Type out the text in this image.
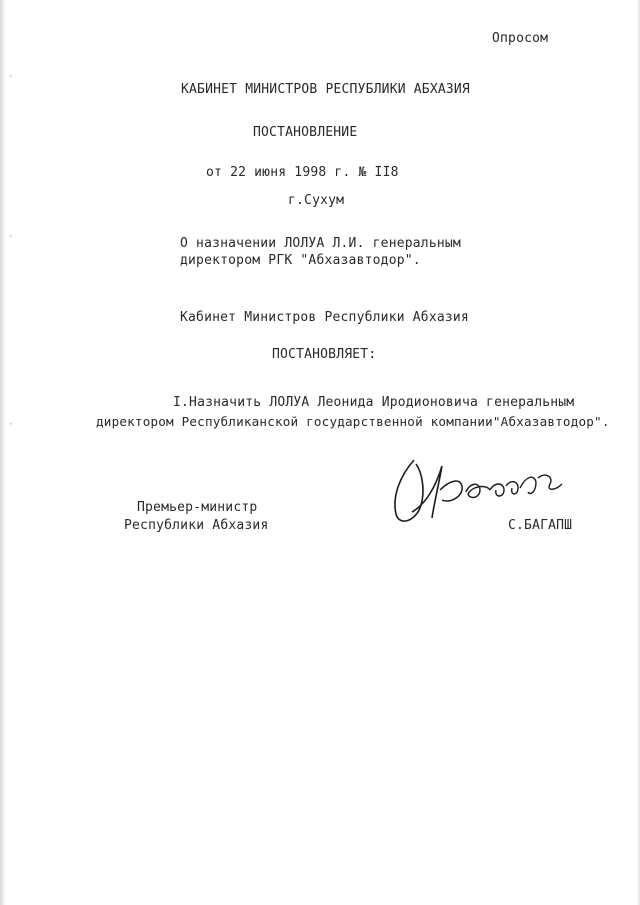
·
·
·
Опросом
КАБИНЕТ МИНИСТРОВ РЕСПУБЛИКИ АБХАЗИЯ
ПОСТАНОВЛЕНИЕ
от 22 июня 1998 г. № II8
г.Сухум
О назначении ЛОЛУА Л.И. генеральным
директором РГК "Абхазавтодор".
Кабинет Министров Республики Абхазия
ПОСТАНОВЛЯЕТ:
I.Назначить ЛОЛУА Леонида Иродионовича генеральным
директором Республиканской государственной компании"Абхазавтодор".
Премьер-министр
Республики Абхазия	С.БАГАПШ
